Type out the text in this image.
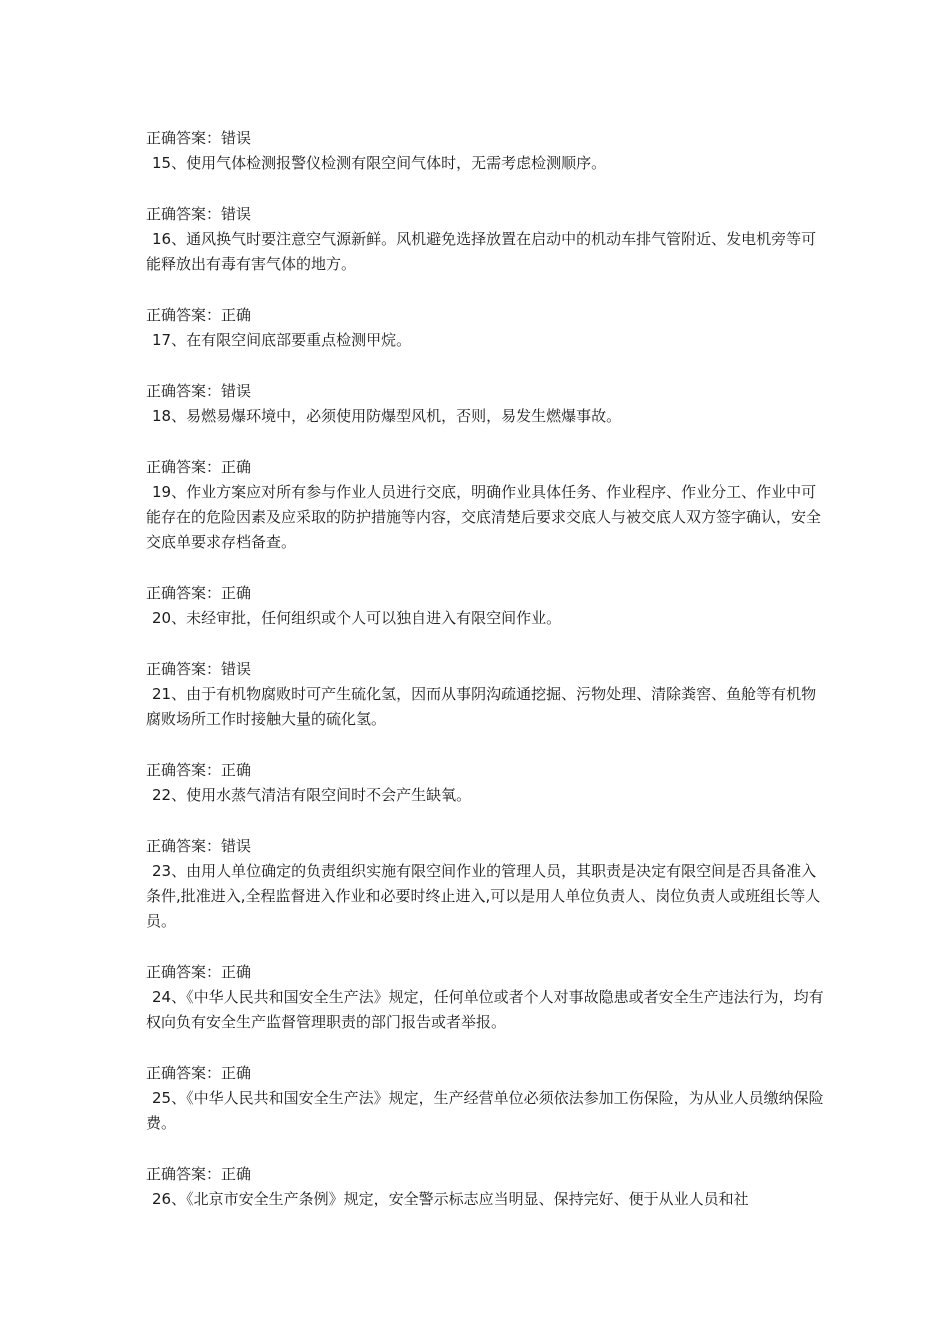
正确答案：错误
15、使用气体检测报警仪检测有限空间气体时，无需考虑检测顺序。
正确答案：错误
16、通风换气时要注意空气源新鲜。风机避免选择放置在启动中的机动车排气管附近、发电机旁等可能释放出有毒有害气体的地方。
正确答案：正确
17、在有限空间底部要重点检测甲烷。
正确答案：错误
18、易燃易爆环境中，必须使用防爆型风机，否则，易发生燃爆事故。
正确答案：正确
19、作业方案应对所有参与作业人员进行交底，明确作业具体任务、作业程序、作业分工、作业中可能存在的危险因素及应采取的防护措施等内容，交底清楚后要求交底人与被交底人双方签字确认，安全交底单要求存档备查。
正确答案：正确
20、未经审批，任何组织或个人可以独自进入有限空间作业。
正确答案：错误
21、由于有机物腐败时可产生硫化氢，因而从事阴沟疏通挖掘、污物处理、清除粪窖、鱼舱等有机物腐败场所工作时接触大量的硫化氢。
正确答案：正确
22、使用水蒸气清洁有限空间时不会产生缺氧。
正确答案：错误
23、由用人单位确定的负责组织实施有限空间作业的管理人员，其职责是决定有限空间是否具备准入条件,批准进入,全程监督进入作业和必要时终止进入,可以是用人单位负责人、岗位负责人或班组长等人员。
正确答案：正确
24、《中华人民共和国安全生产法》规定，任何单位或者个人对事故隐患或者安全生产违法行为，均有权向负有安全生产监督管理职责的部门报告或者举报。
正确答案：正确
25、《中华人民共和国安全生产法》规定，生产经营单位必须依法参加工伤保险，为从业人员缴纳保险费。
正确答案：正确
26、《北京市安全生产条例》规定，安全警示标志应当明显、保持完好、便于从业人员和社
